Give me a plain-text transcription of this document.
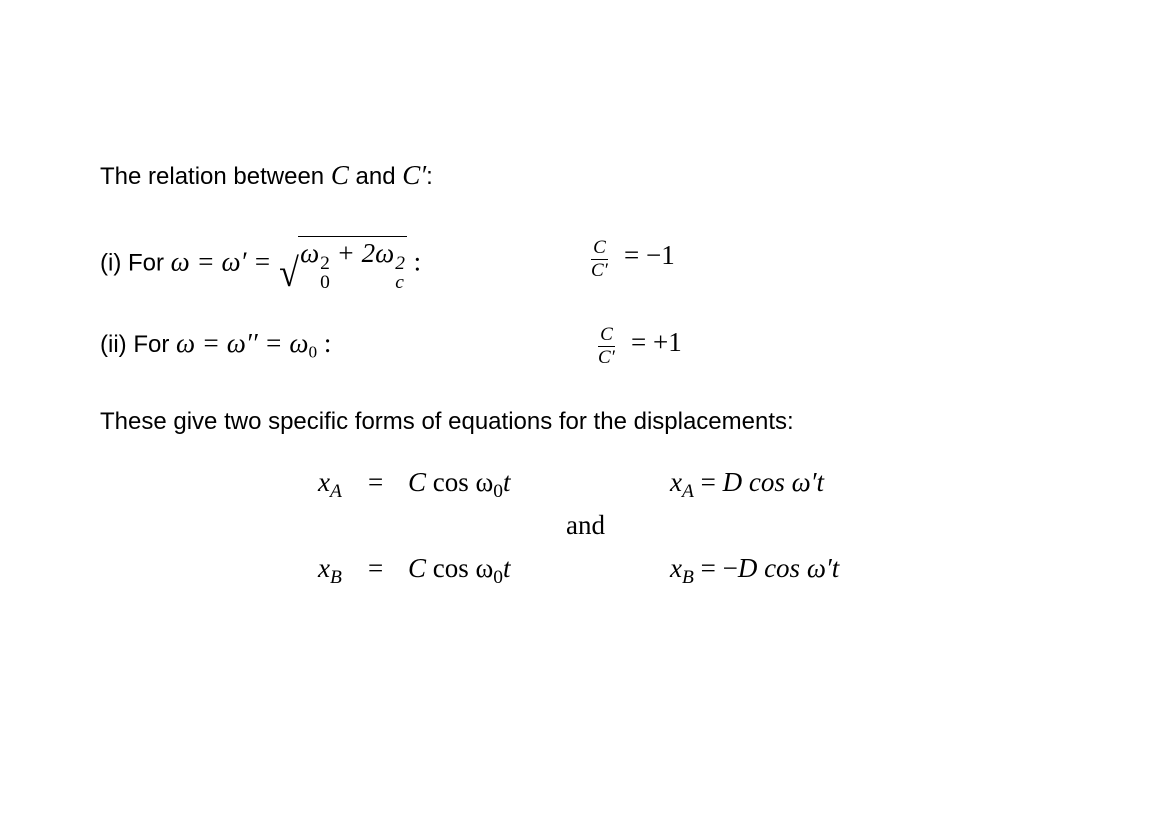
The relation between C and C′:
(i) For ω = ω′ = √ ω 2
0
+ 2ω 2
c
:	$\frac{C}{C'} = -1$
(ii) For $\omega = \omega'' = \omega_0$ :	$\frac{C}{C'} = +1$
These give two specific forms of equations for the displacements:
$x_A = C$ $\cos \omega_0t$
$x_B = C$ $\cos \omega_0t$
and
$x_A = D$ cos ω′t
$x_B = -D$ cos ω′t
